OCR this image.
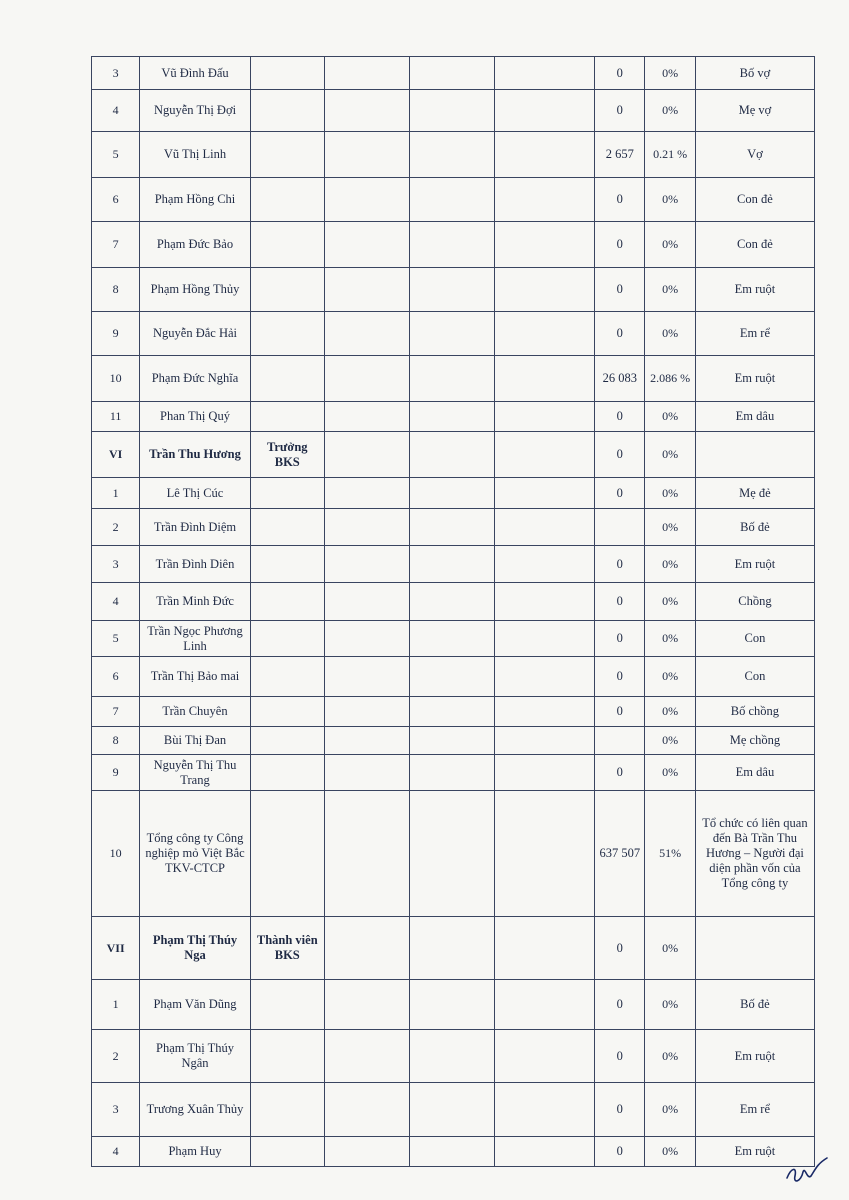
3	Vũ Đình Đấu					0	0%	Bố vợ
4	Nguyễn Thị Đợi					0	0%	Mẹ vợ
5	Vũ Thị Linh					2 657	0.21 %	Vợ
6	Phạm Hồng Chi					0	0%	Con đẻ
7	Phạm Đức Bảo					0	0%	Con đẻ
8	Phạm Hồng Thủy					0	0%	Em ruột
9	Nguyễn Đắc Hải					0	0%	Em rể
10	Phạm Đức Nghĩa					26 083	2.086 %	Em ruột
11	Phan Thị Quý					0	0%	Em dâu
VI	Trần Thu Hương	Trưởng BKS				0	0%	
1	Lê Thị Cúc					0	0%	Mẹ đẻ
2	Trần Đình Diệm						0%	Bố đẻ
3	Trần Đình Diên					0	0%	Em ruột
4	Trần Minh Đức					0	0%	Chồng
5	Trần Ngọc Phương Linh					0	0%	Con
6	Trần Thị Bảo mai					0	0%	Con
7	Trần Chuyên					0	0%	Bố chồng
8	Bùi Thị Đan						0%	Mẹ chồng
9	Nguyễn Thị Thu Trang					0	0%	Em dâu
10	Tổng công ty Công nghiệp mỏ Việt Bắc TKV-CTCP					637 507	51%	Tổ chức có liên quan đến Bà Trần Thu Hương – Người đại diện phần vốn của Tổng công ty
VII	Phạm Thị Thúy Nga	Thành viên BKS				0	0%	
1	Phạm Văn Dũng					0	0%	Bố đẻ
2	Phạm Thị Thúy Ngân					0	0%	Em ruột
3	Trương Xuân Thủy					0	0%	Em rể
4	Phạm Huy					0	0%	Em ruột
